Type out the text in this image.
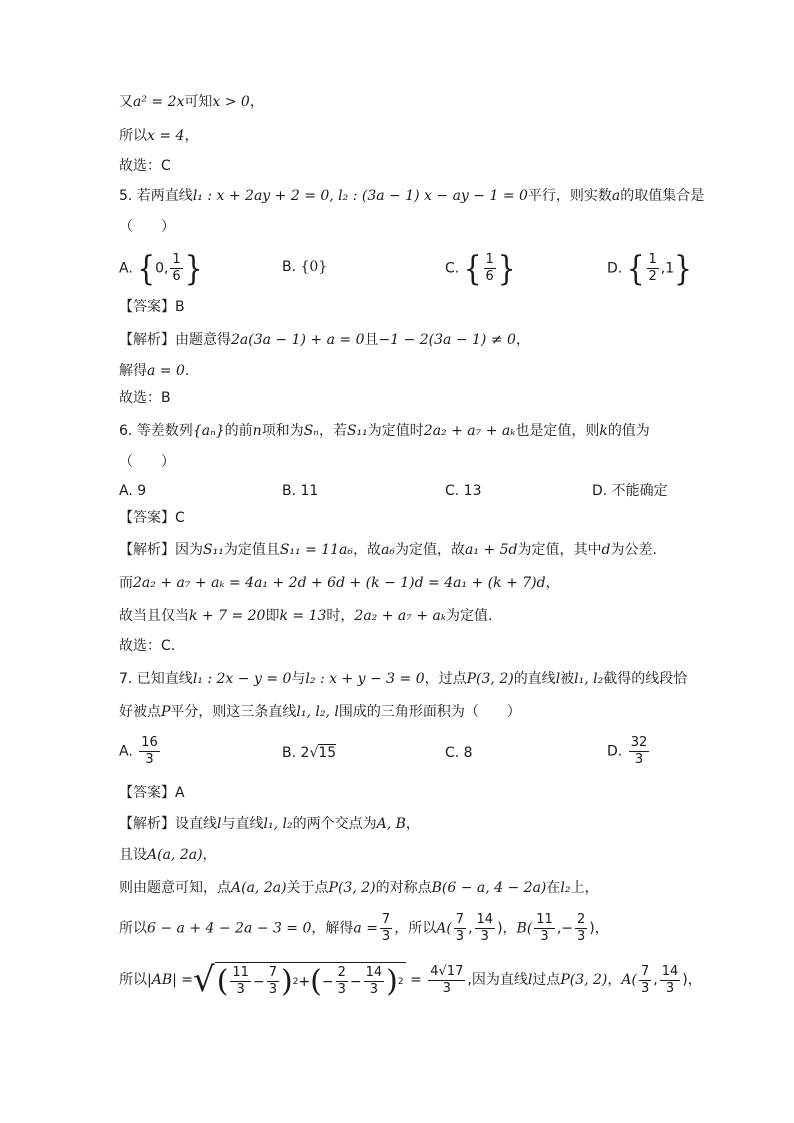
又a² = 2x可知x > 0，
所以x = 4，
故选：C
5. 若两直线l₁ : x + 2ay + 2 = 0, l₂ : (3a − 1) x − ay − 1 = 0平行，则实数a的取值集合是
（　　）
A. {0, $\frac{1}{6}$ }	B. {0}	C. { $\frac{1}{6}$ }	D. { $\frac{1}{2} ,1$}
【答案】B
【解析】由题意得2a(3a − 1) + a = 0且−1 − 2(3a − 1) ≠ 0，
解得a = 0.
故选：B
6. 等差数列{aₙ}的前n项和为Sₙ，若S₁₁为定值时2a₂ + a₇ + aₖ也是定值，则k的值为
（　　）
A. 9	B. 11	C. 13	D. 不能确定
【答案】C
【解析】因为S₁₁为定值且S₁₁ = 11a₆，故a₆为定值，故a₁ + 5d为定值，其中d为公差.
而2a₂ + a₇ + aₖ = 4a₁ + 2d + 6d + (k − 1)d = 4a₁ + (k + 7)d，
故当且仅当k + 7 = 20即k = 13时，2a₂ + a₇ + aₖ为定值.
故选：C.
7. 已知直线l₁ : 2x − y = 0与l₂ : x + y − 3 = 0，过点P(3, 2)的直线l被l₁, l₂截得的线段恰
好被点P平分，则这三条直线l₁, l₂, l围成的三角形面积为（　　）
A. $\frac{16}{3}$	B. 2√15	C. 8	D. $\frac{32}{3}$
【答案】A
【解析】设直线l与直线l₁, l₂的两个交点为A, B，
且设A(a, 2a)，
则由题意可知，点A(a, 2a)关于点P(3, 2)的对称点B(6 − a, 4 − 2a)在l₂上，
所以6 − a + 4 − 2a − 3 = 0，解得$a = \frac{7}{3}$ ，所以$A( \frac{7}{3}$ , $\frac{14}{3}$ )，$B( \frac{11}{3}$ ,− $\frac{2}{3}$ )，
所以|AB| = √ ( $\frac{11}{3} - \frac{7}{3}$ ) 2 + ( − $\frac{2}{3} - \frac{14}{3}$ ) $2 = \frac{4√17}{3}$ ,因为直线l过点P(3, 2)，$A( \frac{7}{3}$ , $\frac{14}{3}$ )，
